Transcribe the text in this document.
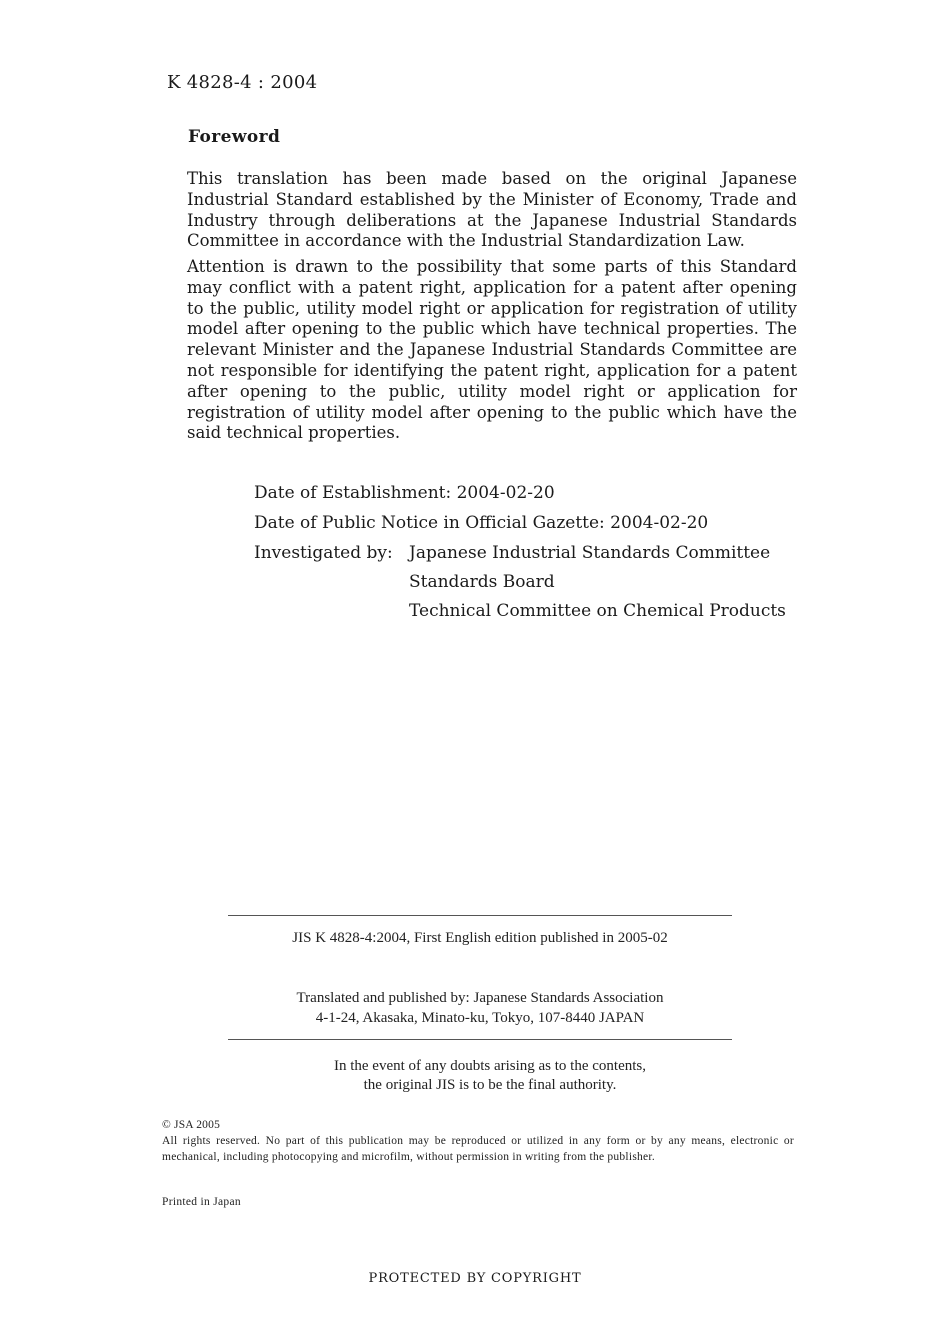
K 4828-4 : 2004
Foreword

This translation has been made based on the original Japanese Industrial Standard established by the Minister of Economy, Trade and Industry through deliberations at the Japanese Industrial Standards Committee in accordance with the Industrial Standardization Law.

Attention is drawn to the possibility that some parts of this Standard may conflict with a patent right, application for a patent after opening to the public, utility model right or application for registration of utility model after opening to the public which have technical properties. The relevant Minister and the Japanese Industrial Standards Committee are not responsible for identifying the patent right, application for a patent after opening to the public, utility model right or application for registration of utility model after opening to the public which have the said technical properties.

Date of Establishment: 2004-02-20
Date of Public Notice in Official Gazette: 2004-02-20
Investigated by: Japanese Industrial Standards Committee
Standards Board
Technical Committee on Chemical Products
JIS K 4828-4:2004, First English edition published in 2005-02
Translated and published by: Japanese Standards Association
4-1-24, Akasaka, Minato-ku, Tokyo, 107-8440 JAPAN
In the event of any doubts arising as to the contents,
the original JIS is to be the final authority.
© JSA 2005
All rights reserved. No part of this publication may be reproduced or utilized in any form or by any means, electronic or mechanical, including photocopying and microfilm, without permission in writing from the publisher.
Printed in Japan
PROTECTED BY COPYRIGHT
